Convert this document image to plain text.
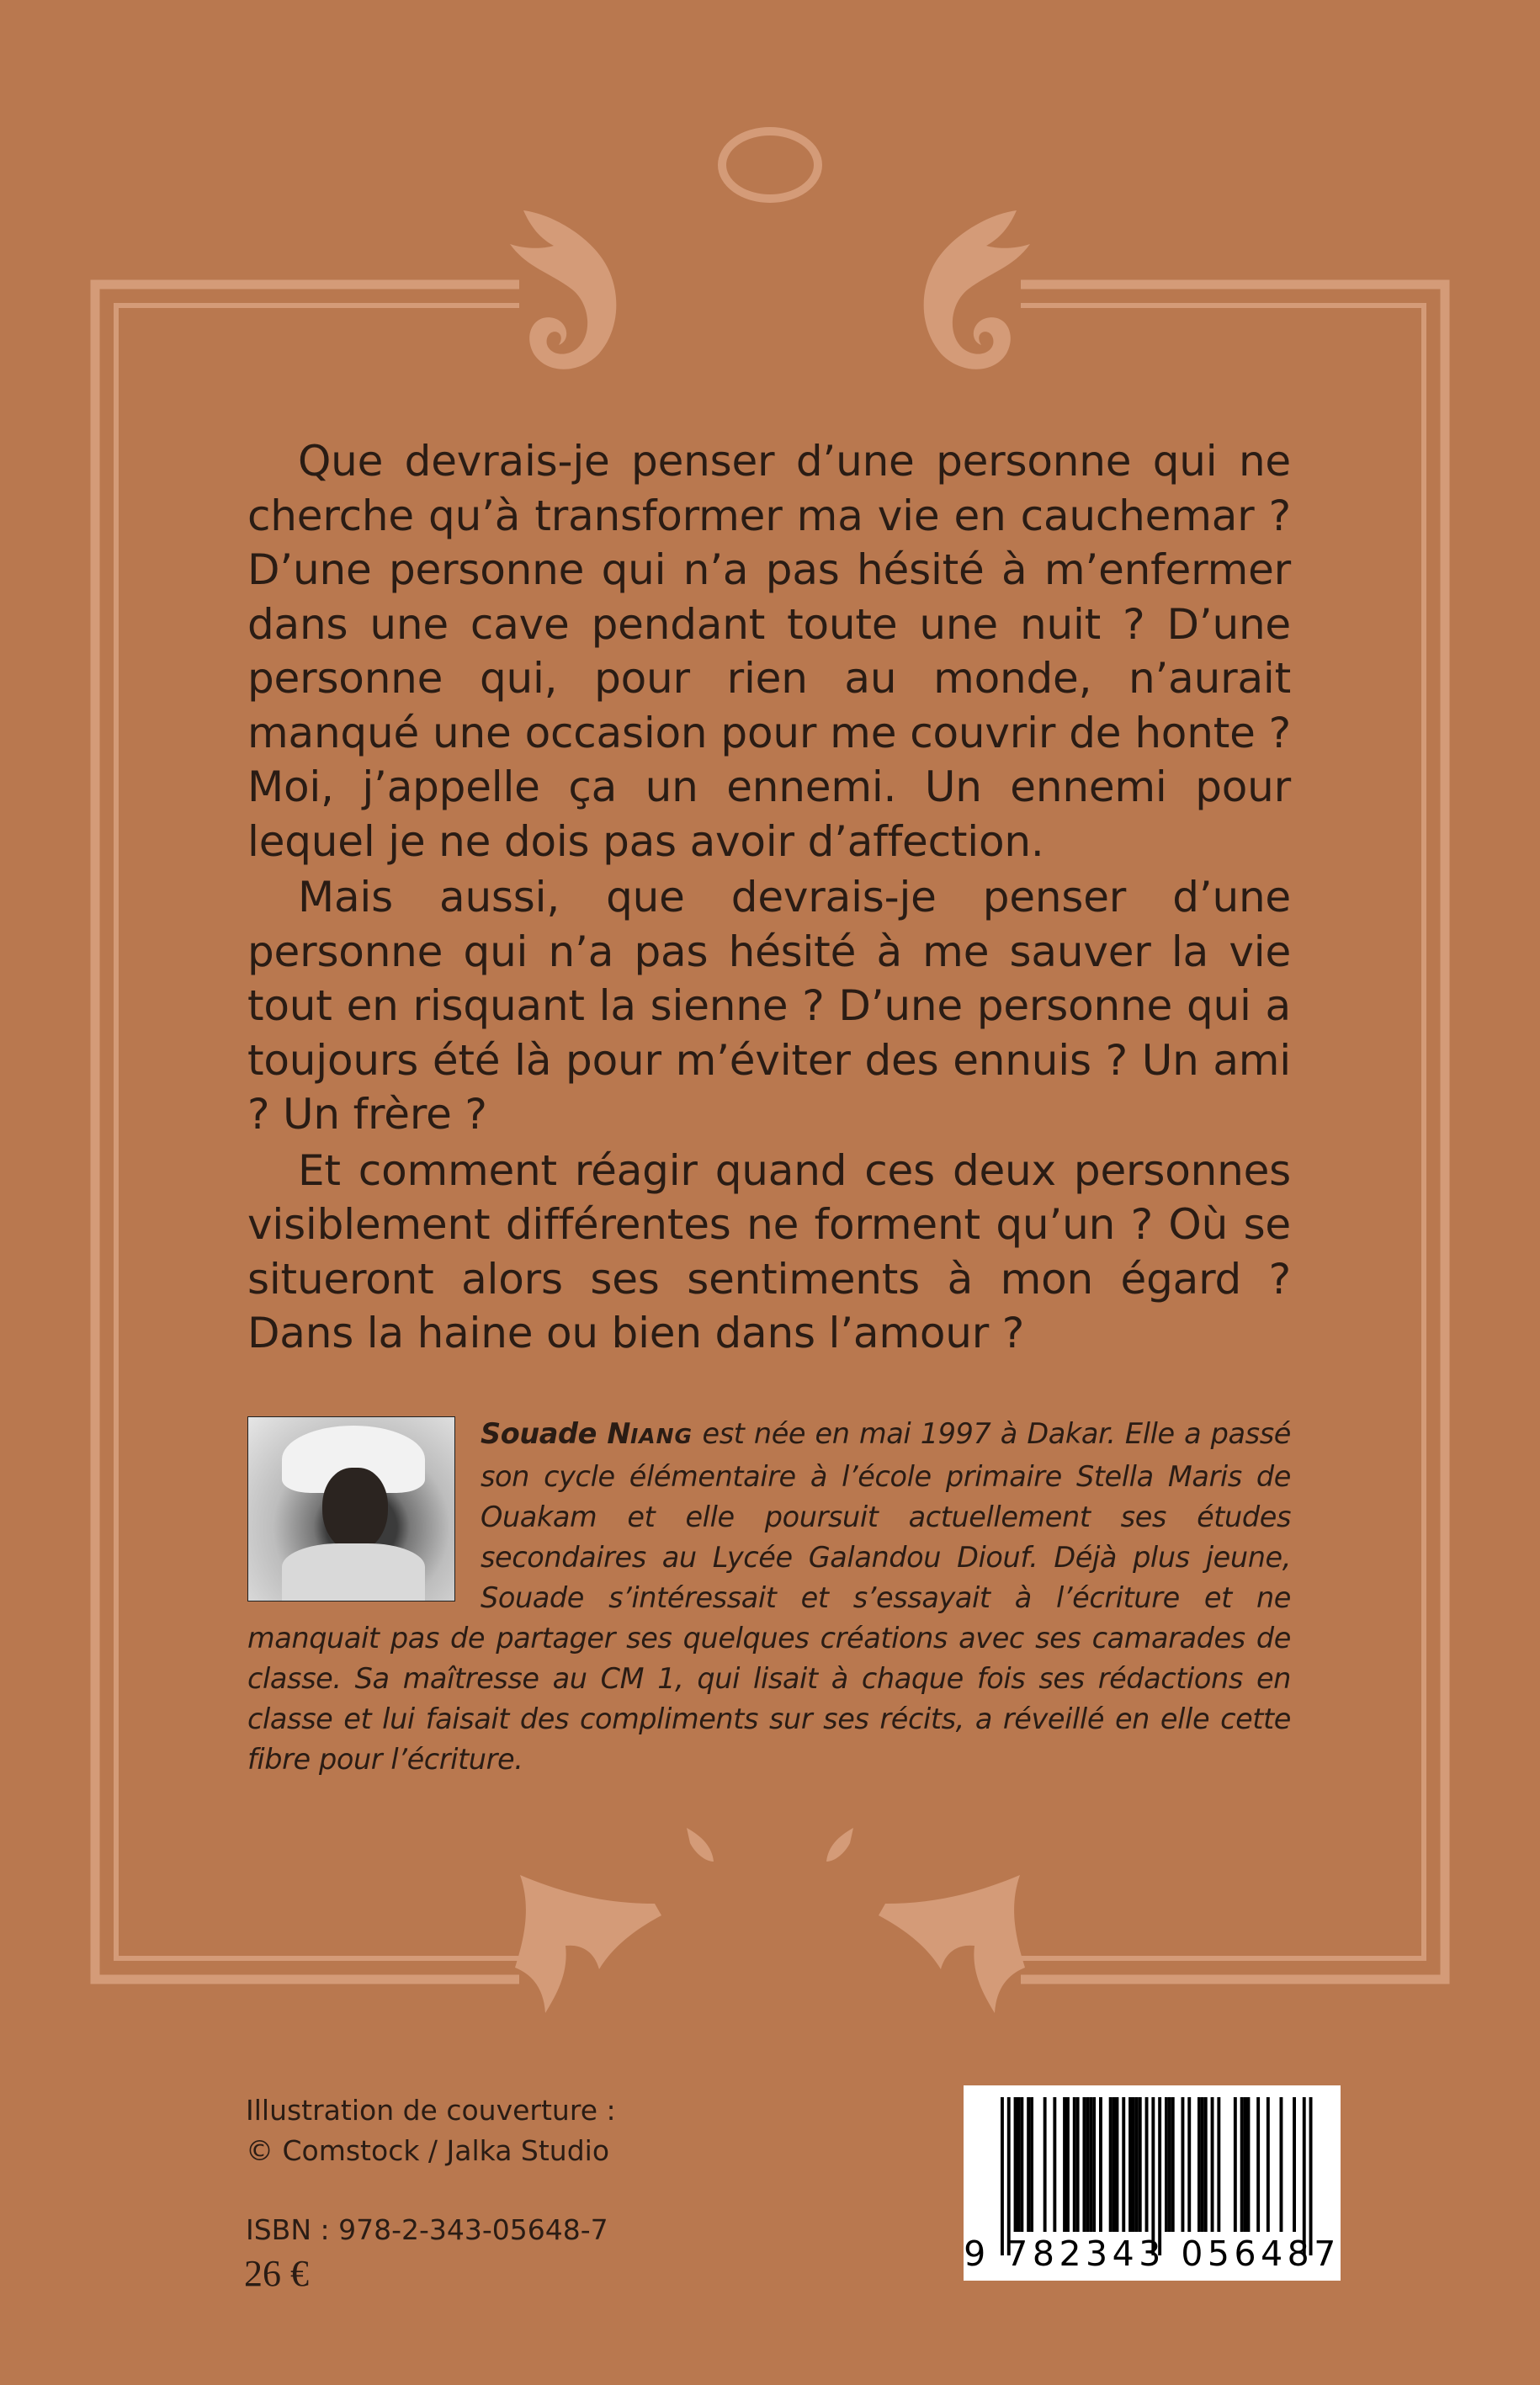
Que devrais-je penser d’une personne qui ne cherche qu’à transformer ma vie en cauchemar ? D’une personne qui n’a pas hésité à m’enfermer dans une cave pendant toute une nuit ? D’une personne qui, pour rien au monde, n’aurait manqué une occasion pour me couvrir de honte ? Moi, j’appelle ça un ennemi. Un ennemi pour lequel je ne dois pas avoir d’affection.

Mais aussi, que devrais-je penser d’une personne qui n’a pas hésité à me sauver la vie tout en risquant la sienne ? D’une personne qui a toujours été là pour m’éviter des ennuis ? Un ami ? Un frère ?

Et comment réagir quand ces deux personnes visiblement différentes ne forment qu’un ? Où se situeront alors ses sentiments à mon égard ? Dans la haine ou bien dans l’amour ?

Souade NIANG est née en mai 1997 à Dakar. Elle a passé son cycle élémentaire à l’école primaire Stella Maris de Ouakam et elle poursuit actuellement ses études secondaires au Lycée Galandou Diouf. Déjà plus jeune, Souade s’intéressait et s’essayait à l’écriture et ne manquait pas de partager ses quelques créations avec ses camarades de classe. Sa maîtresse au CM 1, qui lisait à chaque fois ses rédactions en classe et lui faisait des compliments sur ses récits, a réveillé en elle cette fibre pour l’écriture.
Illustration de couverture :
© Comstock / Jalka Studio
ISBN : 978-2-343-05648-7
26 €	9 782343 056487
